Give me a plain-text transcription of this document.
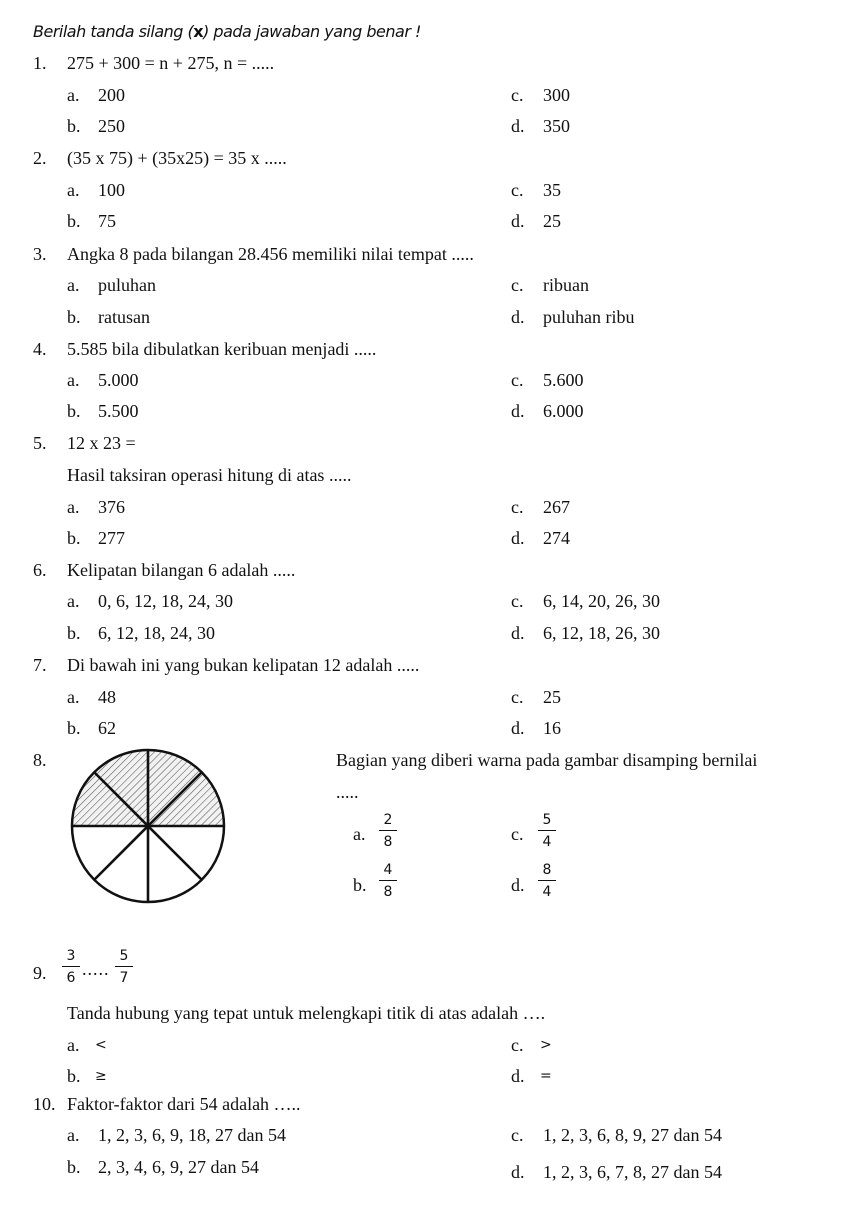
Berilah tanda silang (x) pada jawaban yang benar !
1. 275 + 300 = n + 275, n = .....
a. 200
b. 250
c. 300
d. 350
2. (35 x 75) + (35x25) = 35 x .....
a. 100
b. 75
c. 35
d. 25
3. Angka 8 pada bilangan 28.456 memiliki nilai tempat .....
a. puluhan
b. ratusan
c. ribuan
d. puluhan ribu
4. 5.585 bila dibulatkan keribuan menjadi .....
a. 5.000
b. 5.500
c. 5.600
d. 6.000
5. 12 x 23 =
Hasil taksiran operasi hitung di atas .....
a. 376
b. 277
c. 267
d. 274
6. Kelipatan bilangan 6 adalah .....
a. 0, 6, 12, 18, 24, 30
b. 6, 12, 18, 24, 30
c. 6, 14, 20, 26, 30
d. 6, 12, 18, 26, 30
7. Di bawah ini yang bukan kelipatan 12 adalah .....
a. 48
b. 62
c. 25
d. 16
8.	Bagian yang diberi warna pada gambar disamping bernilai
.....
a.
2
8
b.
4
8
c.
5
4
d.
8
4
9.
3
6 .....
5
7
Tanda hubung yang tepat untuk melengkapi titik di atas adalah ….
a. <
b. ≥
c. >
d. =
10. Faktor-faktor dari 54 adalah …..
a. 1, 2, 3, 6, 9, 18, 27 dan 54
b. 2, 3, 4, 6, 9, 27 dan 54
c. 1, 2, 3, 6, 8, 9, 27 dan 54
d. 1, 2, 3, 6, 7, 8, 27 dan 54
